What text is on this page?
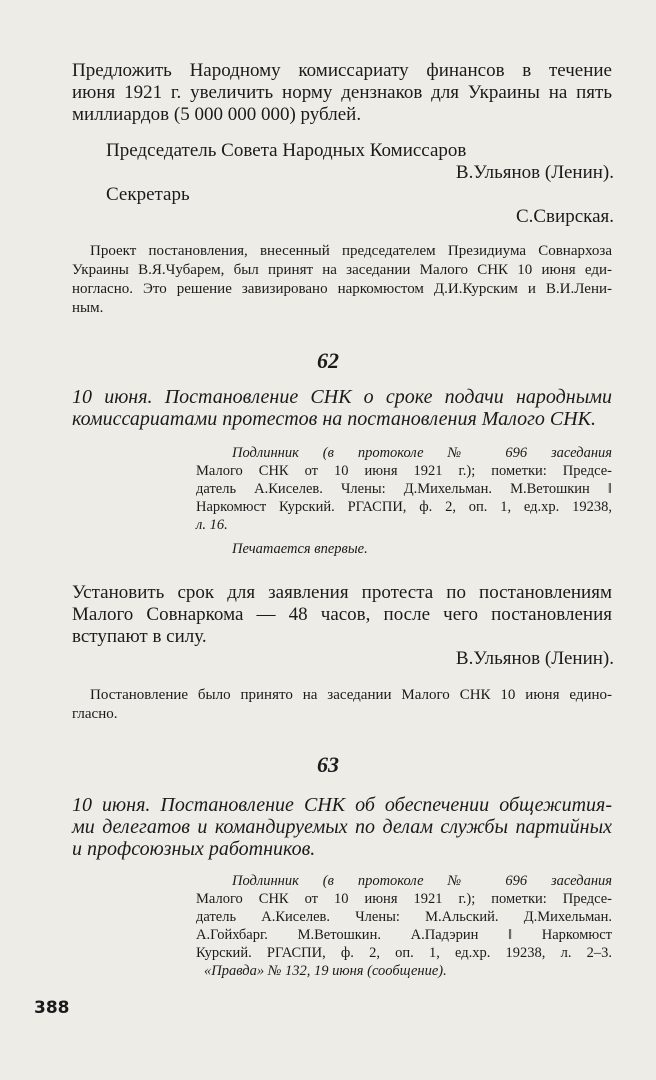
Предложить Народному комиссариату финансов в течение
июня 1921 г. увеличить норму дензнаков для Украины на пять
миллиардов (5 000 000 000) рублей.
Председатель Совета Народных Комиссаров
В.Ульянов (Ленин).
Секретарь
С.Свирская.
Проект постановления, внесенный председателем Президиума Совнархоза
Украины В.Я.Чубарем, был принят на заседании Малого СНК 10 июня еди-
ногласно. Это решение завизировано наркомюстом Д.И.Курским и В.И.Лени-
ным.
62
10 июня. Постановление СНК о сроке подачи народными
комиссариатами протестов на постановления Малого СНК.
Подлинник (в протоколе № 696 заседания
Малого СНК от 10 июня 1921 г.); пометки: Предсе-
датель А.Киселев. Члены: Д.Михельман. М.Ветошкин ‖
Наркомюст Курский. РГАСПИ, ф. 2, оп. 1, ед.хр. 19238,
л. 16.
Печатается впервые.
Установить срок для заявления протеста по постановлениям
Малого Совнаркома — 48 часов, после чего постановления
вступают в силу.
В.Ульянов (Ленин).
Постановление было принято на заседании Малого СНК 10 июня едино-
гласно.
63
10 июня. Постановление СНК об обеспечении общежития-
ми делегатов и командируемых по делам службы партийных
и профсоюзных работников.
Подлинник (в протоколе № 696 заседания
Малого СНК от 10 июня 1921 г.); пометки: Предсе-
датель А.Киселев. Члены: М.Альский. Д.Михельман.
А.Гойхбарг. М.Ветошкин. А.Падэрин ‖ Наркомюст
Курский. РГАСПИ, ф. 2, оп. 1, ед.хр. 19238, л. 2–3.
«Правда» № 132, 19 июня (сообщение).
388
